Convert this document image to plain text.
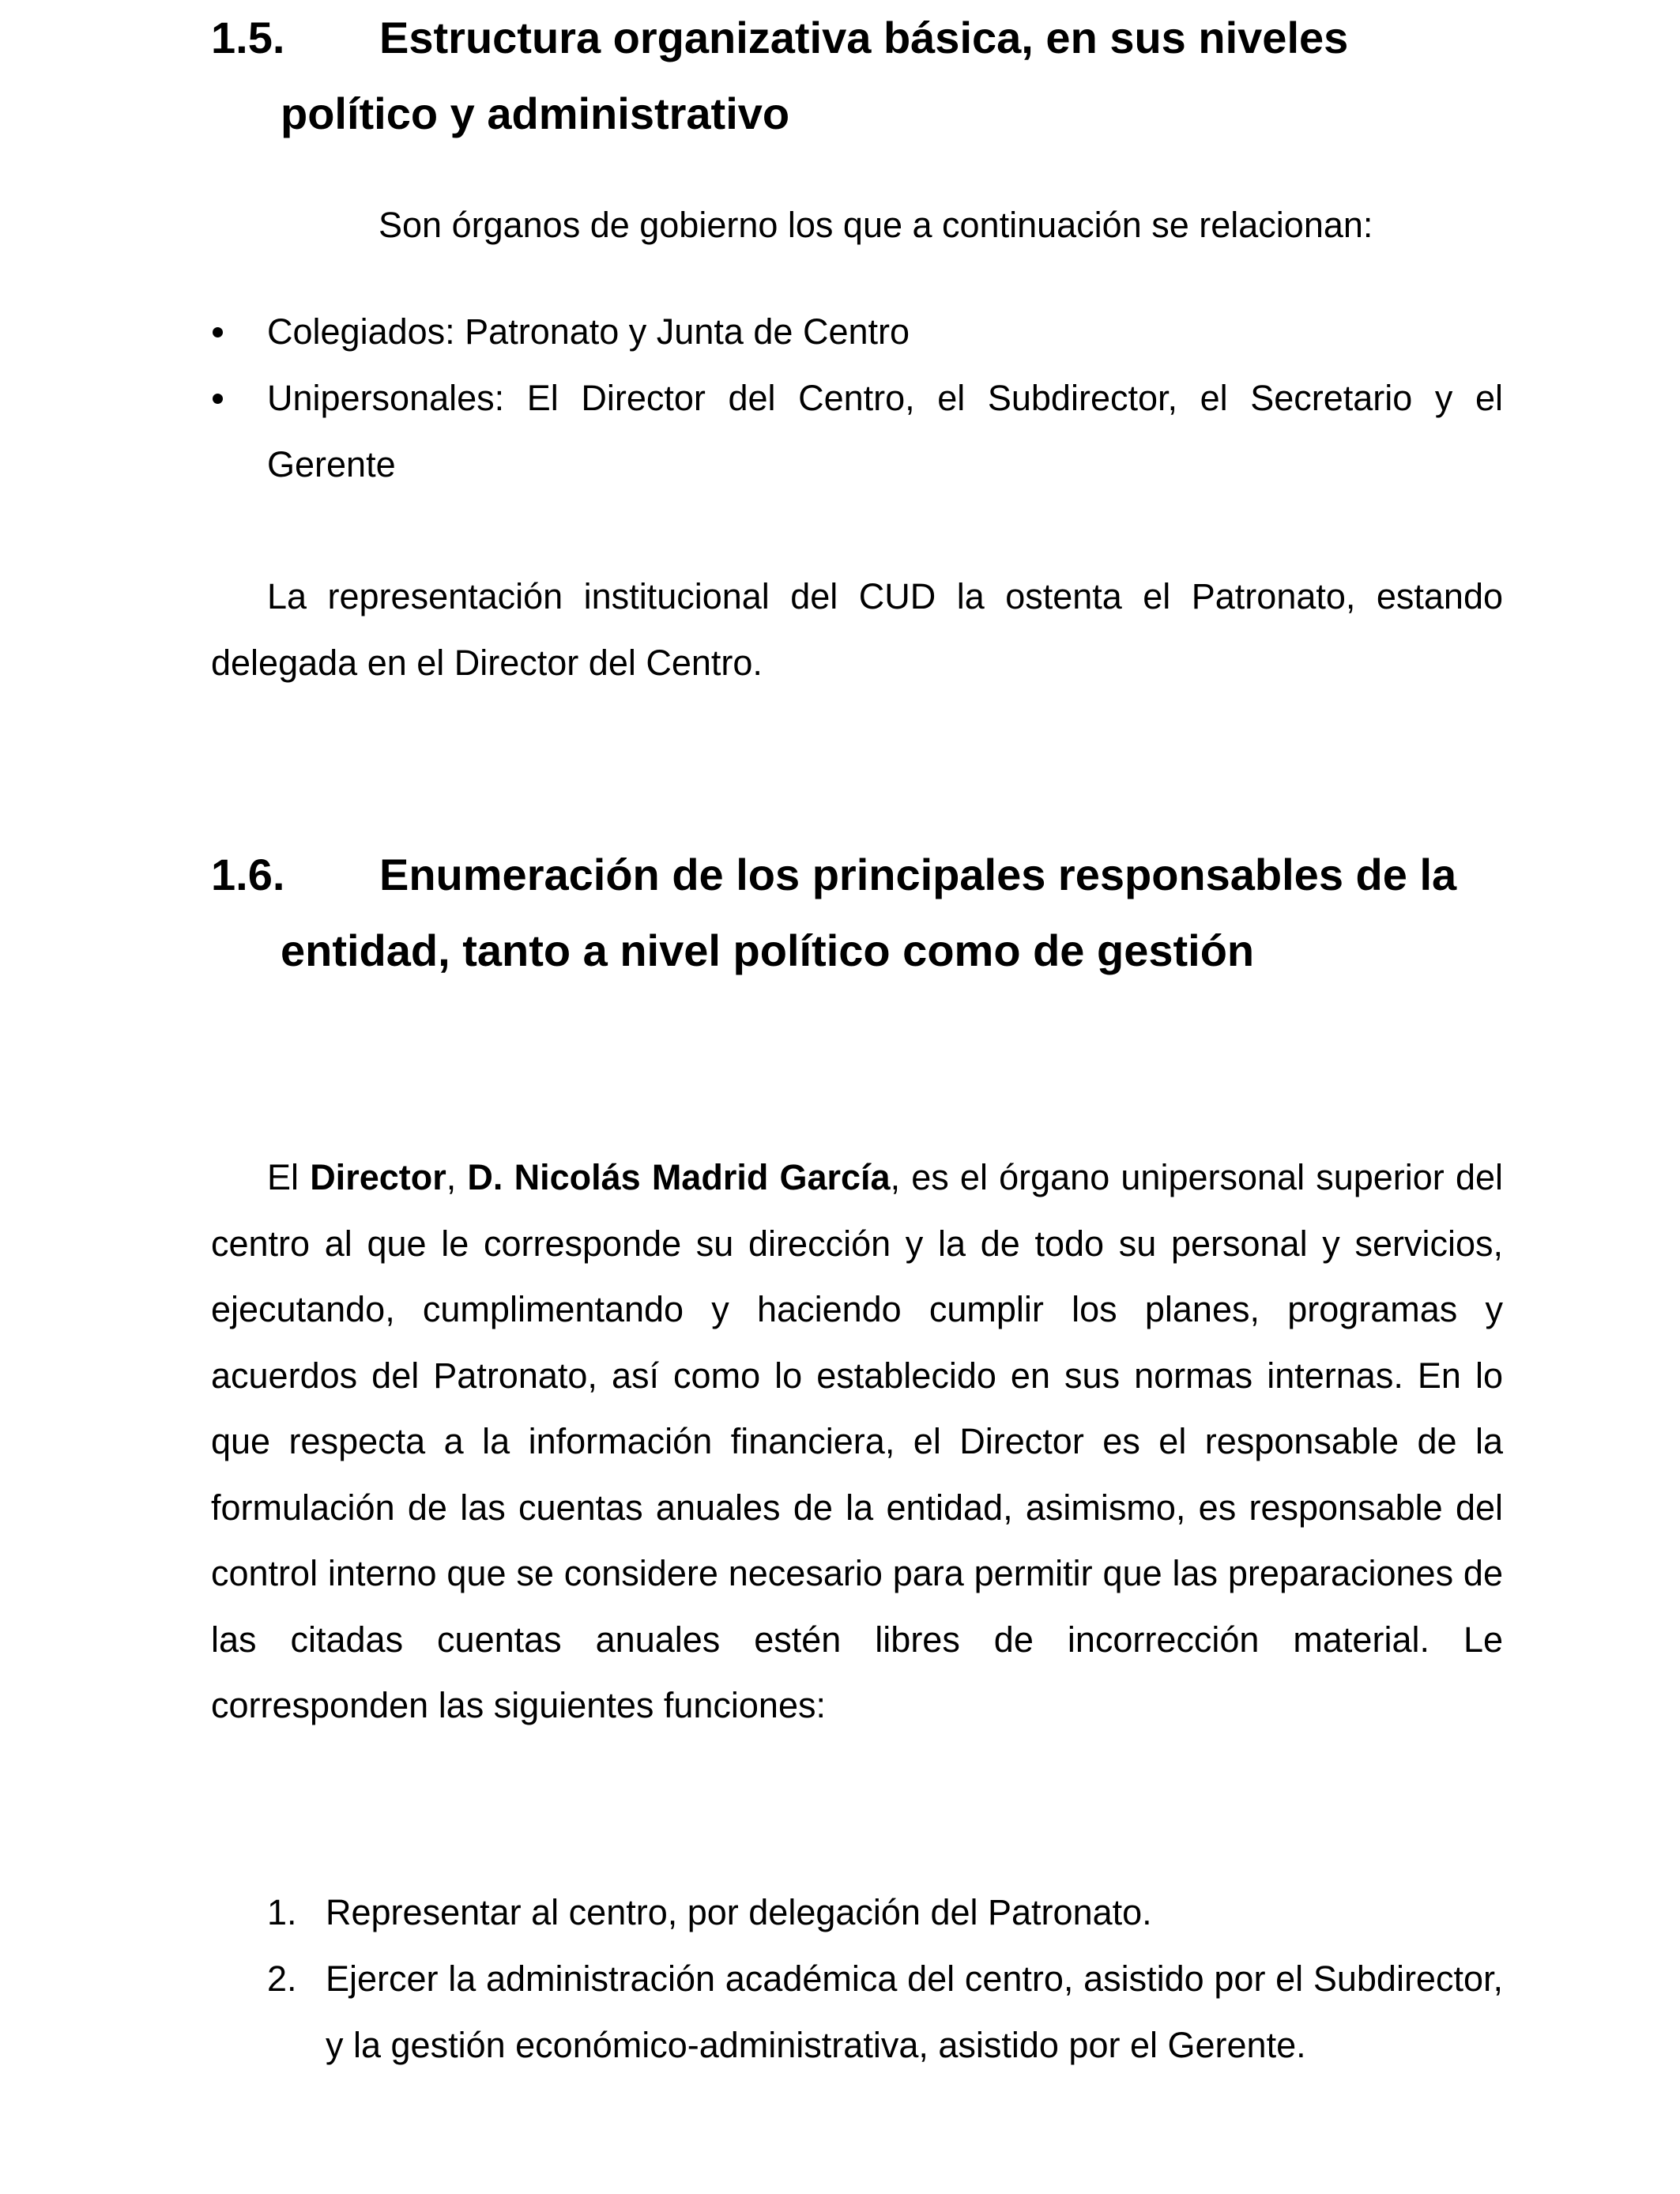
1.5. Estructura organizativa básica, en sus niveles
político y administrativo
Son órganos de gobierno los que a continuación se relacionan:
Colegiados: Patronato y Junta de Centro
Unipersonales: El Director del Centro, el Subdirector, el Secretario y el Gerente
La representación institucional del CUD la ostenta el Patronato, estando delegada en el Director del Centro.
1.6. Enumeración de los principales responsables de la
entidad, tanto a nivel político como de gestión
El Director, D. Nicolás Madrid García, es el órgano unipersonal superior del centro al que le corresponde su dirección y la de todo su personal y servicios, ejecutando, cumplimentando y haciendo cumplir los planes, programas y acuerdos del Patronato, así como lo establecido en sus normas internas. En lo que respecta a la información financiera, el Director es el responsable de la formulación de las cuentas anuales de la entidad, asimismo, es responsable del control interno que se considere necesario para permitir que las preparaciones de las citadas cuentas anuales estén libres de incorrección material. Le corresponden las siguientes funciones:
1. Representar al centro, por delegación del Patronato.
2. Ejercer la administración académica del centro, asistido por el Subdirector, y la gestión económico-administrativa, asistido por el Gerente.
